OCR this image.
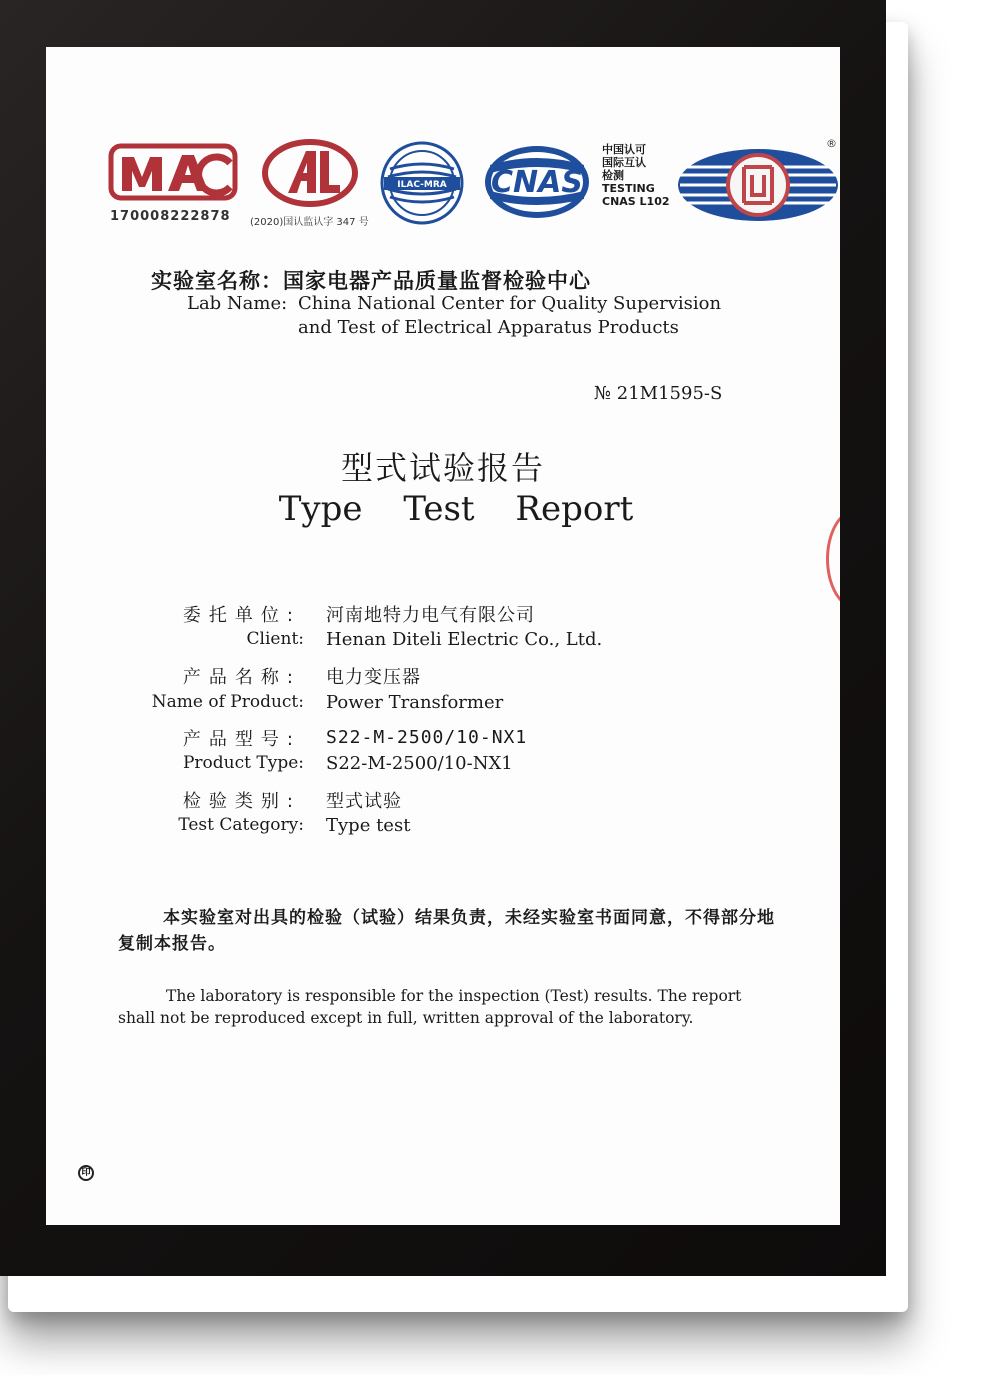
170008222878 (2020)国认监认字 347 号
ILAC-MRA CNAS
中国认可
国际互认
检测
TESTING
CNAS L102
®
实验室名称：国家电器产品质量监督检验中心
Lab Name: China National Center for Quality Supervision
and Test of Electrical Apparatus Products
№ 21M1595-S
型式试验报告
Type Test Report
委托单位: 河南地特力电气有限公司
Client: Henan Diteli Electric Co., Ltd.
产品名称: 电力变压器
Name of Product: Power Transformer
产品型号: S22-M-2500/10-NX1
Product Type: S22-M-2500/10-NX1
检验类别: 型式试验
Test Category: Type test
本实验室对出具的检验（试验）结果负责，未经实验室书面同意，不得部分地复制本报告。
The laboratory is responsible for the inspection (Test) results. The report shall not be reproduced except in full, written approval of the laboratory.
印
